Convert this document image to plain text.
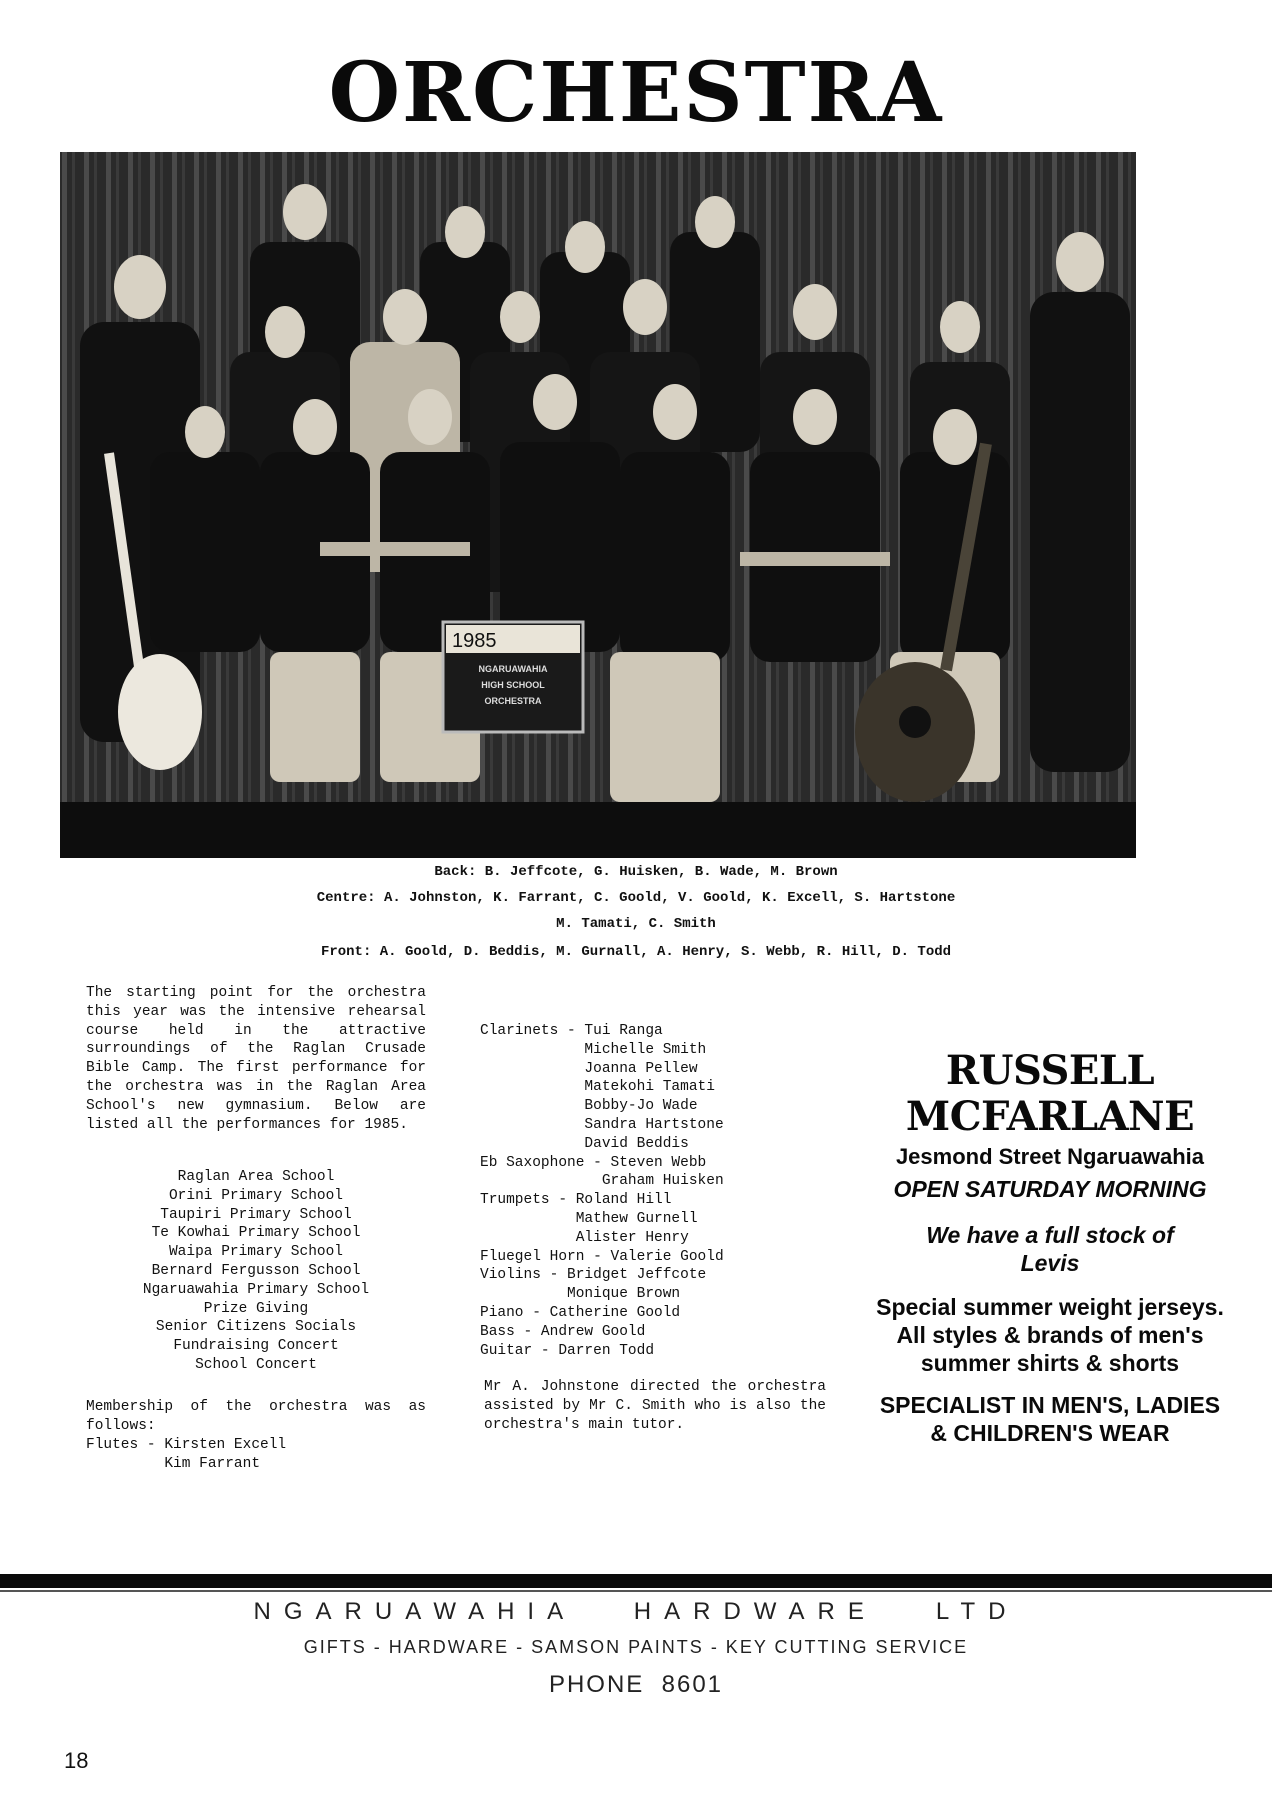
ORCHESTRA
1985
NGARUAWAHIA
HIGH SCHOOL
ORCHESTRA
Back: B. Jeffcote, G. Huisken, B. Wade, M. Brown
Centre: A. Johnston, K. Farrant, C. Goold, V. Goold, K. Excell, S. Hartstone
M. Tamati, C. Smith
Front: A. Goold, D. Beddis, M. Gurnall, A. Henry, S. Webb, R. Hill, D. Todd
The starting point for the orchestra this year was the intensive rehearsal course held in the attractive surroundings of the Raglan Crusade Bible Camp. The first performance for the orchestra was in the Raglan Area School's new gymnasium. Below are listed all the performances for 1985.
Raglan Area School
Orini Primary School
Taupiri Primary School
Te Kowhai Primary School
Waipa Primary School
Bernard Fergusson School
Ngaruawahia Primary School
Prize Giving
Senior Citizens Socials
Fundraising Concert
School Concert
Membership of the orchestra was as follows:
Flutes - Kirsten Excell
Kim Farrant
Clarinets - Tui Ranga
Michelle Smith
Joanna Pellew
Matekohi Tamati
Bobby-Jo Wade
Sandra Hartstone
David Beddis
Eb Saxophone - Steven Webb
Graham Huisken
Trumpets - Roland Hill
Mathew Gurnell
Alister Henry
Fluegel Horn - Valerie Goold
Violins - Bridget Jeffcote
Monique Brown
Piano - Catherine Goold
Bass - Andrew Goold
Guitar - Darren Todd
Mr A. Johnstone directed the orchestra assisted by Mr C. Smith who is also the orchestra's main tutor.
RUSSELL
MCFARLANE
Jesmond Street Ngaruawahia
OPEN SATURDAY MORNING
We have a full stock of
Levis
Special summer weight jerseys.
All styles & brands of men's
summer shirts & shorts
SPECIALIST IN MEN'S, LADIES
& CHILDREN'S WEAR
NGARUAWAHIA   HARDWARE   LTD
GIFTS - HARDWARE - SAMSON PAINTS - KEY CUTTING SERVICE
PHONE  8601
18
